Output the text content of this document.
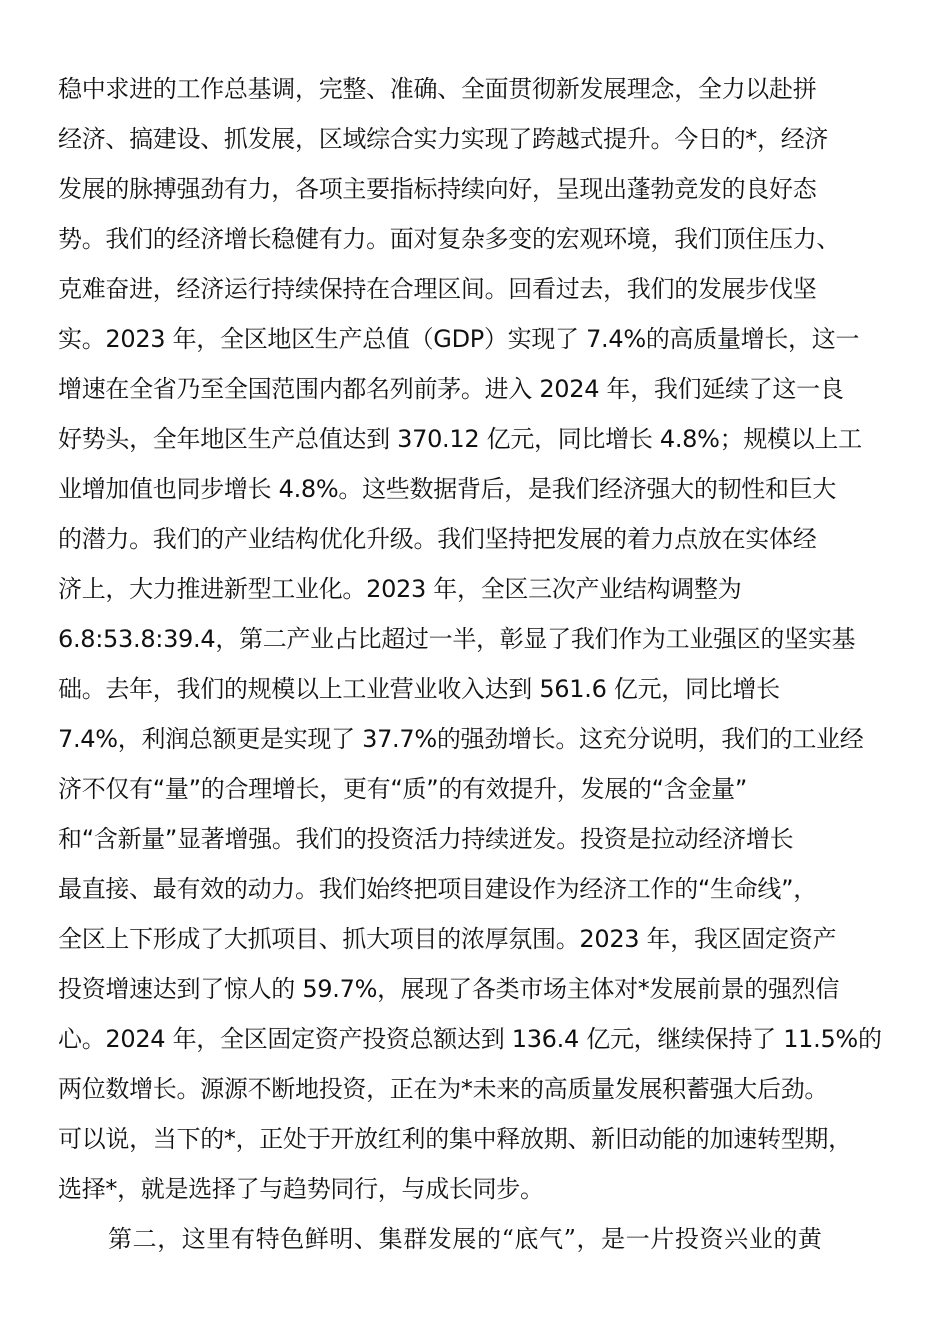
稳中求进的工作总基调，完整、准确、全面贯彻新发展理念，全力以赴拼
经济、搞建设、抓发展，区域综合实力实现了跨越式提升。今日的*，经济
发展的脉搏强劲有力，各项主要指标持续向好，呈现出蓬勃竞发的良好态
势。我们的经济增长稳健有力。面对复杂多变的宏观环境，我们顶住压力、
克难奋进，经济运行持续保持在合理区间。回看过去，我们的发展步伐坚
实。2023 年，全区地区生产总值（GDP）实现了 7.4%的高质量增长，这一
增速在全省乃至全国范围内都名列前茅。进入 2024 年，我们延续了这一良
好势头，全年地区生产总值达到 370.12 亿元，同比增长 4.8%；规模以上工
业增加值也同步增长 4.8%。这些数据背后，是我们经济强大的韧性和巨大
的潜力。我们的产业结构优化升级。我们坚持把发展的着力点放在实体经
济上，大力推进新型工业化。2023 年，全区三次产业结构调整为
6.8:53.8:39.4，第二产业占比超过一半，彰显了我们作为工业强区的坚实基
础。去年，我们的规模以上工业营业收入达到 561.6 亿元，同比增长
7.4%，利润总额更是实现了 37.7%的强劲增长。这充分说明，我们的工业经
济不仅有“量”的合理增长，更有“质”的有效提升，发展的“含金量”
和“含新量”显著增强。我们的投资活力持续迸发。投资是拉动经济增长
最直接、最有效的动力。我们始终把项目建设作为经济工作的“生命线”，
全区上下形成了大抓项目、抓大项目的浓厚氛围。2023 年，我区固定资产
投资增速达到了惊人的 59.7%，展现了各类市场主体对*发展前景的强烈信
心。2024 年，全区固定资产投资总额达到 136.4 亿元，继续保持了 11.5%的
两位数增长。源源不断地投资，正在为*未来的高质量发展积蓄强大后劲。
可以说，当下的*，正处于开放红利的集中释放期、新旧动能的加速转型期，
选择*，就是选择了与趋势同行，与成长同步。
第二，这里有特色鲜明、集群发展的“底气”，是一片投资兴业的黄
